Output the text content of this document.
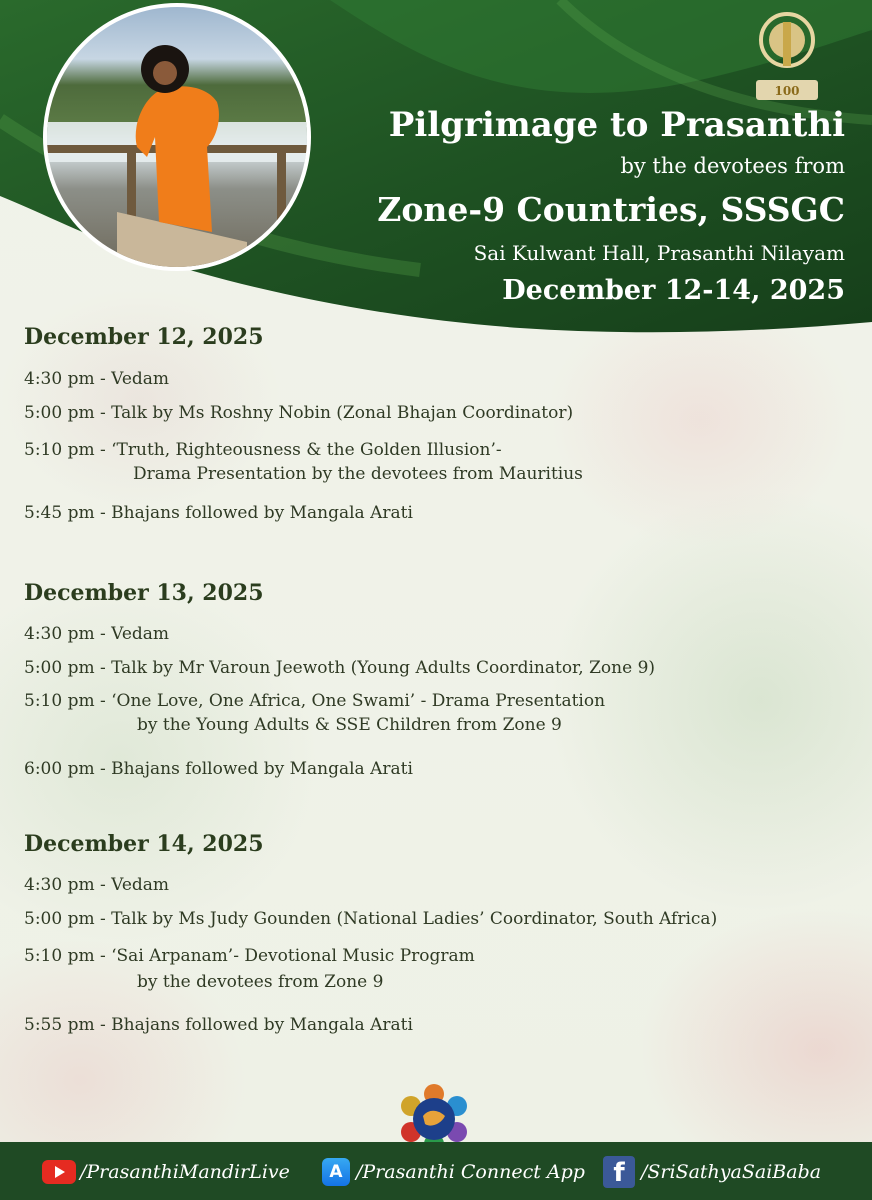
100
Pilgrimage to Prasanthi
by the devotees from
Zone-9 Countries, SSSGC
Sai Kulwant Hall, Prasanthi Nilayam
December 12-14, 2025
December 12, 2025
4:30 pm - Vedam
5:00 pm - Talk by Ms Roshny Nobin (Zonal Bhajan Coordinator)
5:10 pm - ‘Truth, Righteousness & the Golden Illusion’-
Drama Presentation by the devotees from Mauritius
5:45 pm - Bhajans followed by Mangala Arati
December 13, 2025
4:30 pm - Vedam
5:00 pm - Talk by Mr Varoun Jeewoth (Young Adults Coordinator, Zone 9)
5:10 pm - ‘One Love, One Africa, One Swami’ - Drama Presentation
by the Young Adults & SSE Children from Zone 9
6:00 pm - Bhajans followed by Mangala Arati
December 14, 2025
4:30 pm - Vedam
5:00 pm - Talk by Ms Judy Gounden (National Ladies’ Coordinator, South Africa)
5:10 pm - ‘Sai Arpanam’- Devotional Music Program
by the devotees from Zone 9
5:55 pm - Bhajans followed by Mangala Arati
/PrasanthiMandirLive	A /Prasanthi Connect App	f /SriSathyaSaiBaba
